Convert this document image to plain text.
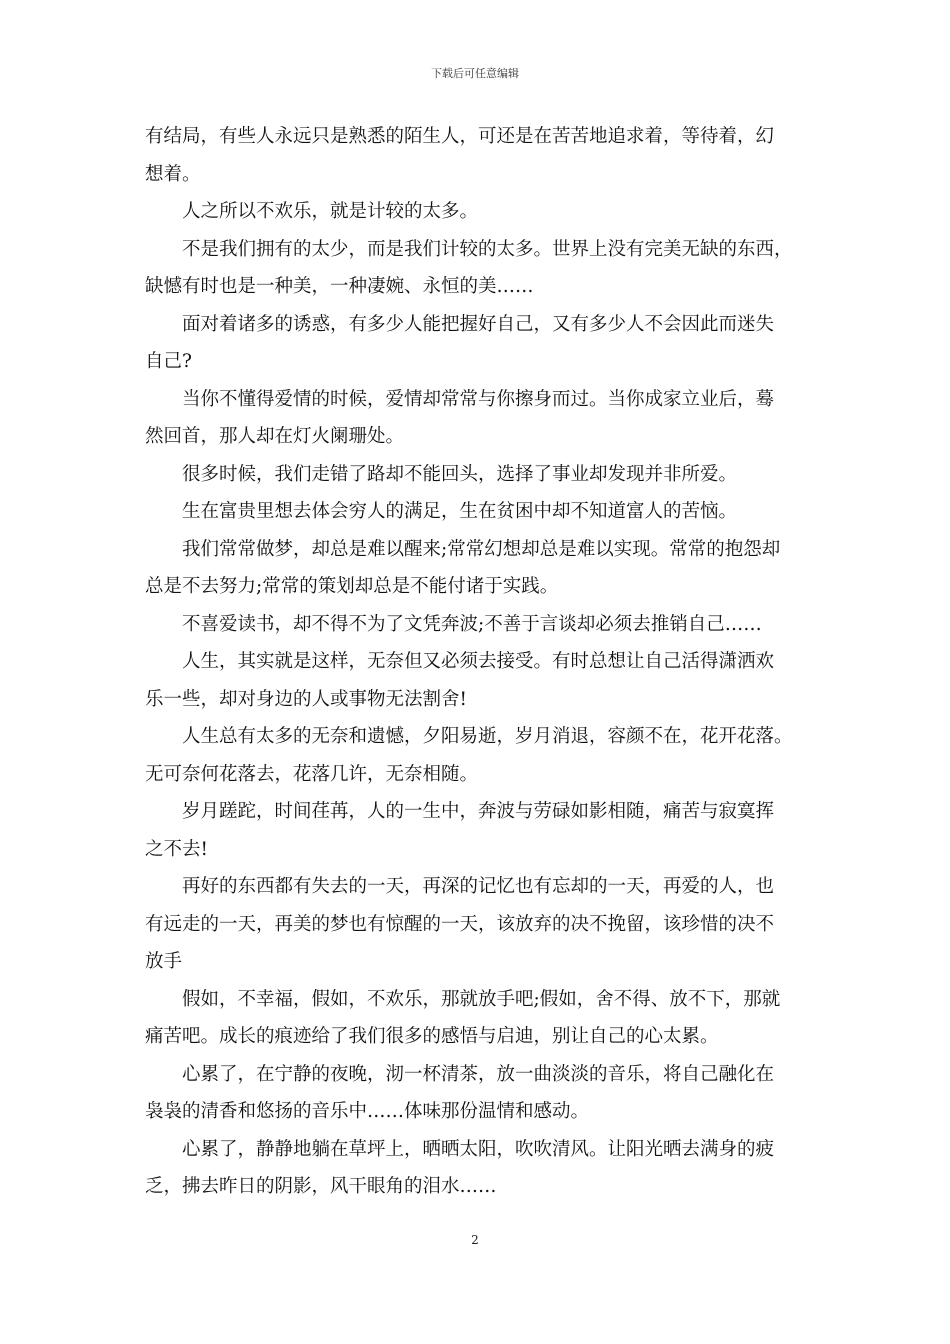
下载后可任意编辑
有结局，有些人永远只是熟悉的陌生人，可还是在苦苦地追求着，等待着，幻
想着。
人之所以不欢乐，就是计较的太多。
不是我们拥有的太少，而是我们计较的太多。世界上没有完美无缺的东西，
缺憾有时也是一种美，一种凄婉、永恒的美……
面对着诸多的诱惑，有多少人能把握好自己，又有多少人不会因此而迷失
自己?
当你不懂得爱情的时候，爱情却常常与你擦身而过。当你成家立业后，蓦
然回首，那人却在灯火阑珊处。
很多时候，我们走错了路却不能回头，选择了事业却发现并非所爱。
生在富贵里想去体会穷人的满足，生在贫困中却不知道富人的苦恼。
我们常常做梦，却总是难以醒来;常常幻想却总是难以实现。常常的抱怨却
总是不去努力;常常的策划却总是不能付诸于实践。
不喜爱读书，却不得不为了文凭奔波;不善于言谈却必须去推销自己……
人生，其实就是这样，无奈但又必须去接受。有时总想让自己活得潇洒欢
乐一些，却对身边的人或事物无法割舍!
人生总有太多的无奈和遗憾，夕阳易逝，岁月消退，容颜不在，花开花落。
无可奈何花落去，花落几许，无奈相随。
岁月蹉跎，时间荏苒，人的一生中，奔波与劳碌如影相随，痛苦与寂寞挥
之不去!
再好的东西都有失去的一天，再深的记忆也有忘却的一天，再爱的人，也
有远走的一天，再美的梦也有惊醒的一天，该放弃的决不挽留，该珍惜的决不
放手
假如，不幸福，假如，不欢乐，那就放手吧;假如，舍不得、放不下，那就
痛苦吧。成长的痕迹给了我们很多的感悟与启迪，别让自己的心太累。
心累了，在宁静的夜晚，沏一杯清茶，放一曲淡淡的音乐，将自己融化在
袅袅的清香和悠扬的音乐中……体味那份温情和感动。
心累了，静静地躺在草坪上，晒晒太阳，吹吹清风。让阳光晒去满身的疲
乏，拂去昨日的阴影，风干眼角的泪水……
2
